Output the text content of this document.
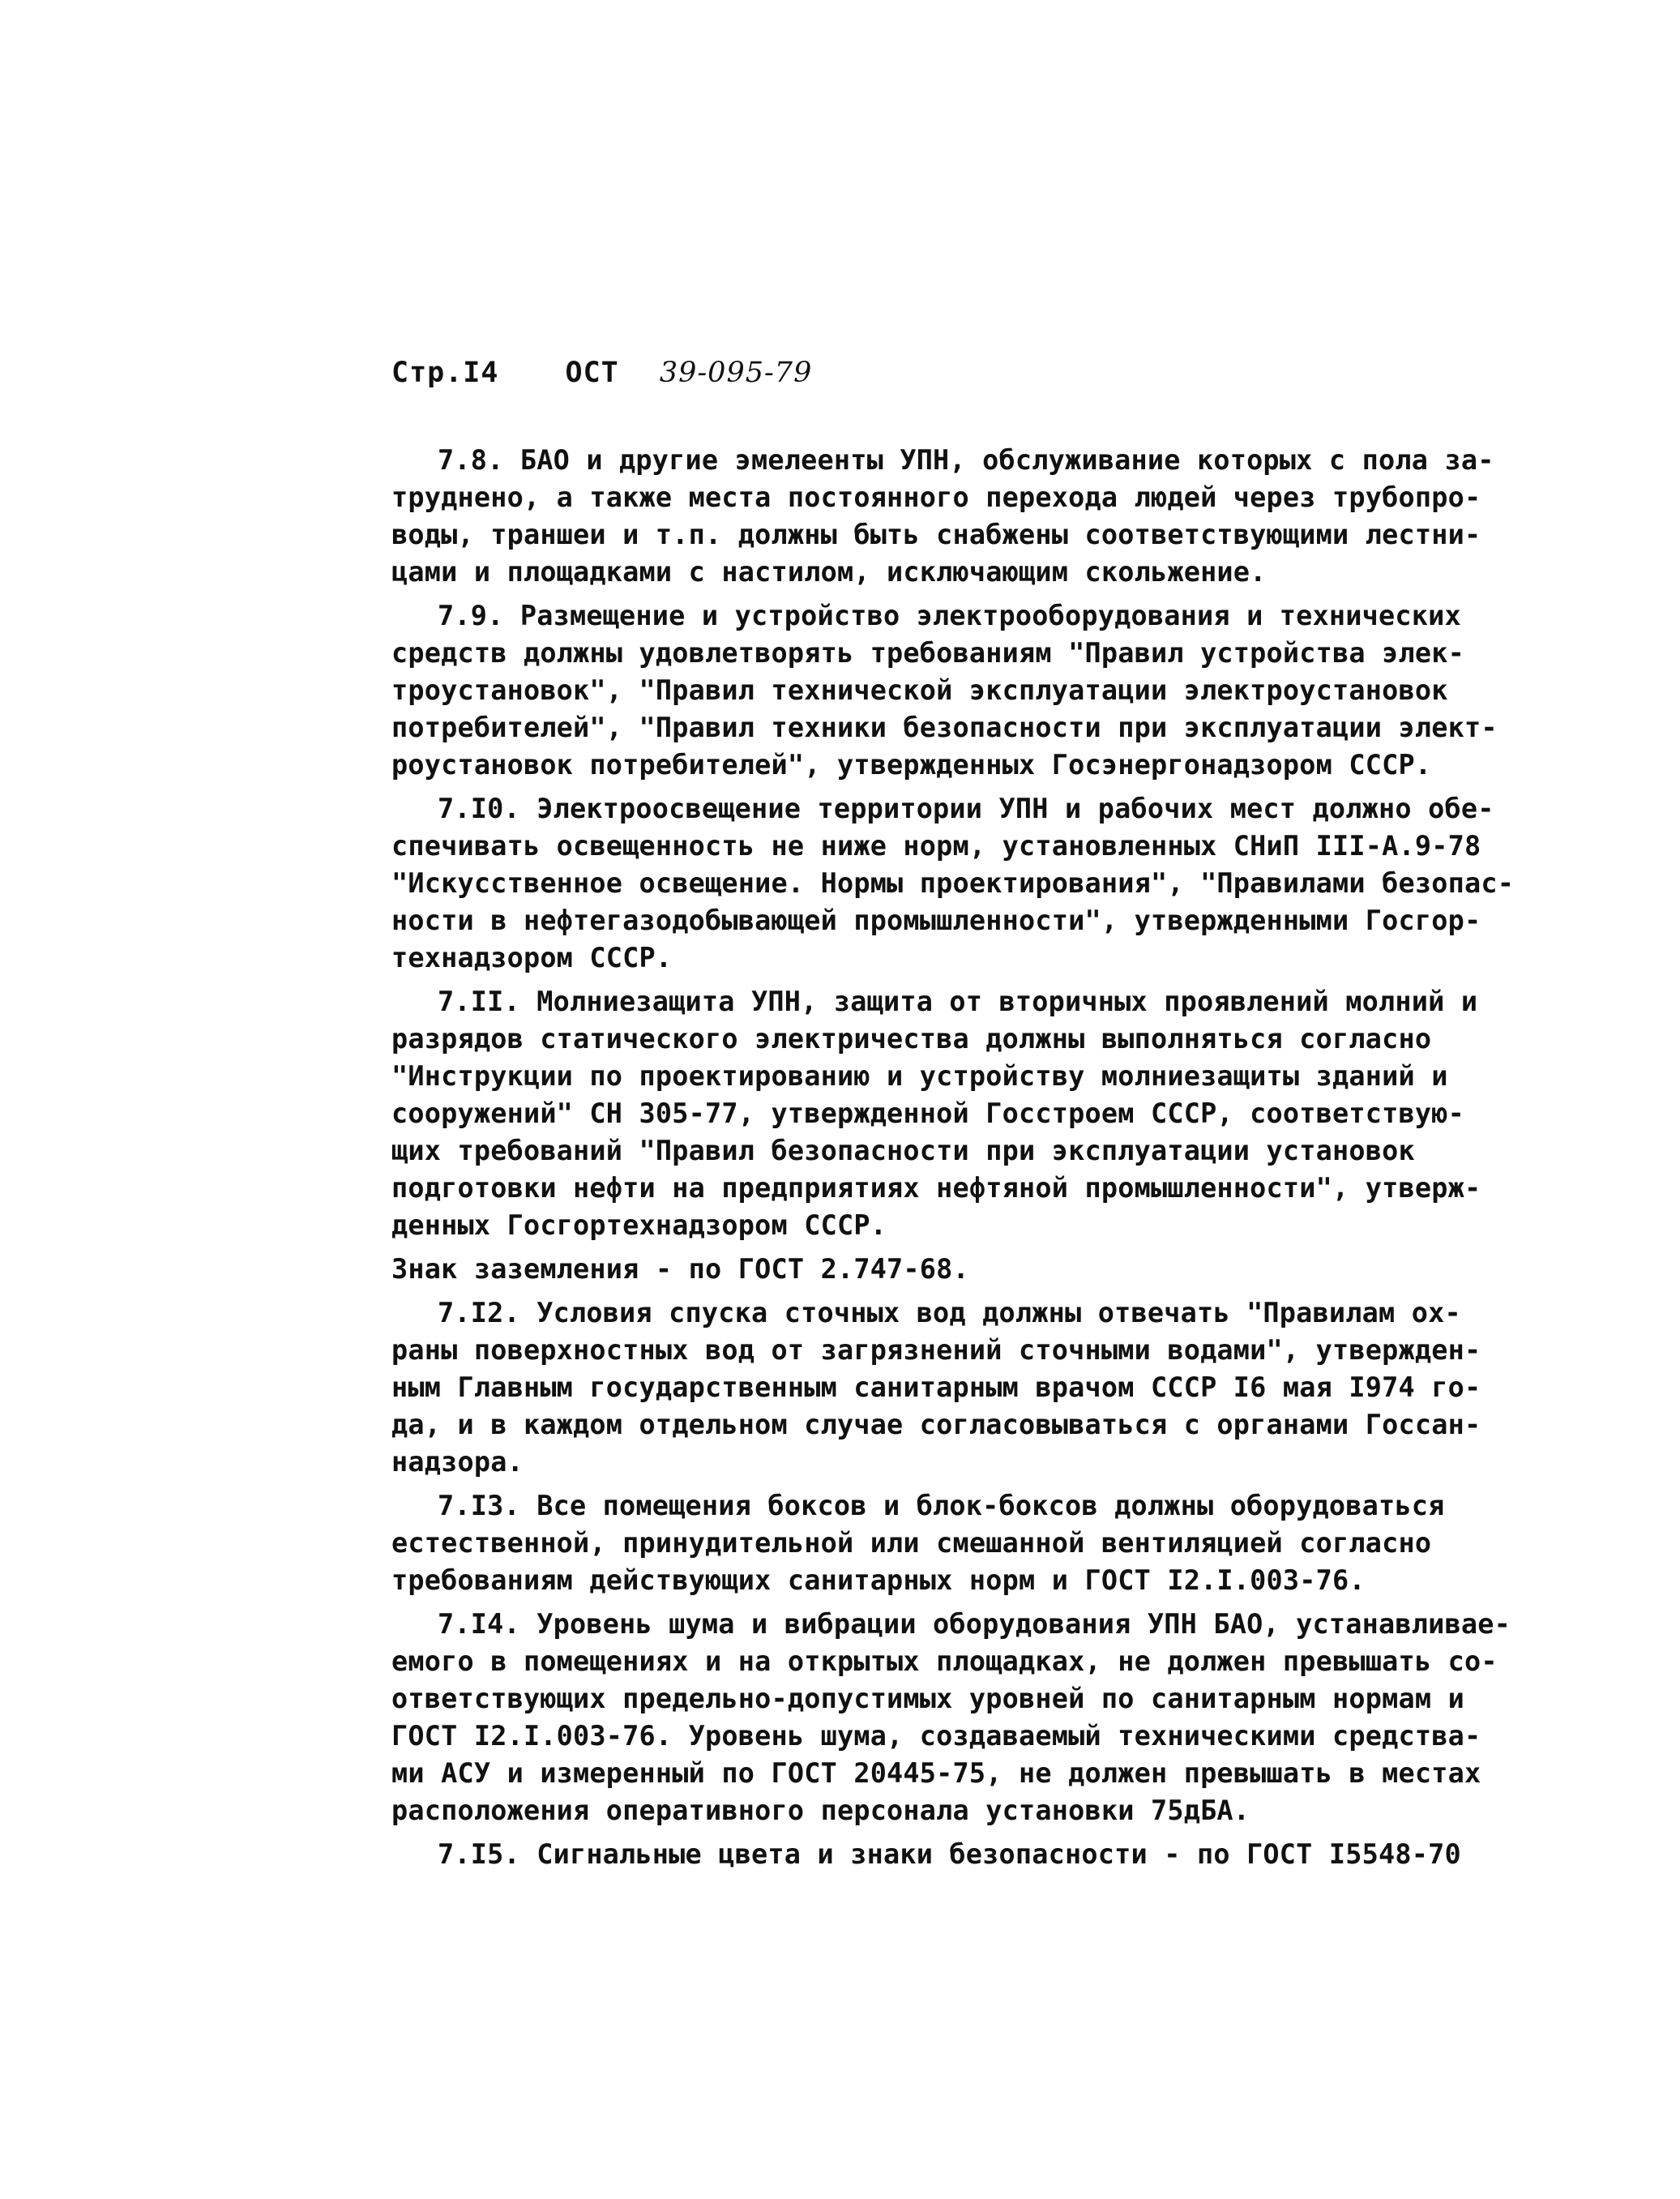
Стр.I4 ОСТ 39-095-79
7.8. БАО и другие эмелеенты УПН, обслуживание которых с пола за-
труднено, а также места постоянного перехода людей через трубопро-
воды, траншеи и т.п. должны быть снабжены соответствующими лестни-
цами и площадками с настилом, исключающим скольжение.
7.9. Размещение и устройство электрооборудования и технических
средств должны удовлетворять требованиям "Правил устройства элек-
троустановок", "Правил технической эксплуатации электроустановок
потребителей", "Правил техники безопасности при эксплуатации элект-
роустановок потребителей", утвержденных Госэнергонадзором СССР.
7.I0. Электроосвещение территории УПН и рабочих мест должно обе-
спечивать освещенность не ниже норм, установленных СНиП III-А.9-78
"Искусственное освещение. Нормы проектирования", "Правилами безопас-
ности в нефтегазодобывающей промышленности", утвержденными Госгор-
технадзором СССР.
7.II. Молниезащита УПН, защита от вторичных проявлений молний и
разрядов статического электричества должны выполняться согласно
"Инструкции по проектированию и устройству молниезащиты зданий и
сооружений" СН 305-77, утвержденной Госстроем СССР, соответствую-
щих требований "Правил безопасности при эксплуатации установок
подготовки нефти на предприятиях нефтяной промышленности", утверж-
денных Госгортехнадзором СССР.
Знак заземления - по ГОСТ 2.747-68.
7.I2. Условия спуска сточных вод должны отвечать "Правилам ох-
раны поверхностных вод от загрязнений сточными водами", утвержден-
ным Главным государственным санитарным врачом СССР I6 мая I974 го-
да, и в каждом отдельном случае согласовываться с органами Госсан-
надзора.
7.I3. Все помещения боксов и блок-боксов должны оборудоваться
естественной, принудительной или смешанной вентиляцией согласно
требованиям действующих санитарных норм и ГОСТ I2.I.003-76.
7.I4. Уровень шума и вибрации оборудования УПН БАО, устанавливае-
емого в помещениях и на открытых площадках, не должен превышать со-
ответствующих предельно-допустимых уровней по санитарным нормам и
ГОСТ I2.I.003-76. Уровень шума, создаваемый техническими средства-
ми АСУ и измеренный по ГОСТ 20445-75, не должен превышать в местах
расположения оперативного персонала установки 75дБА.
7.I5. Сигнальные цвета и знаки безопасности - по ГОСТ I5548-70
